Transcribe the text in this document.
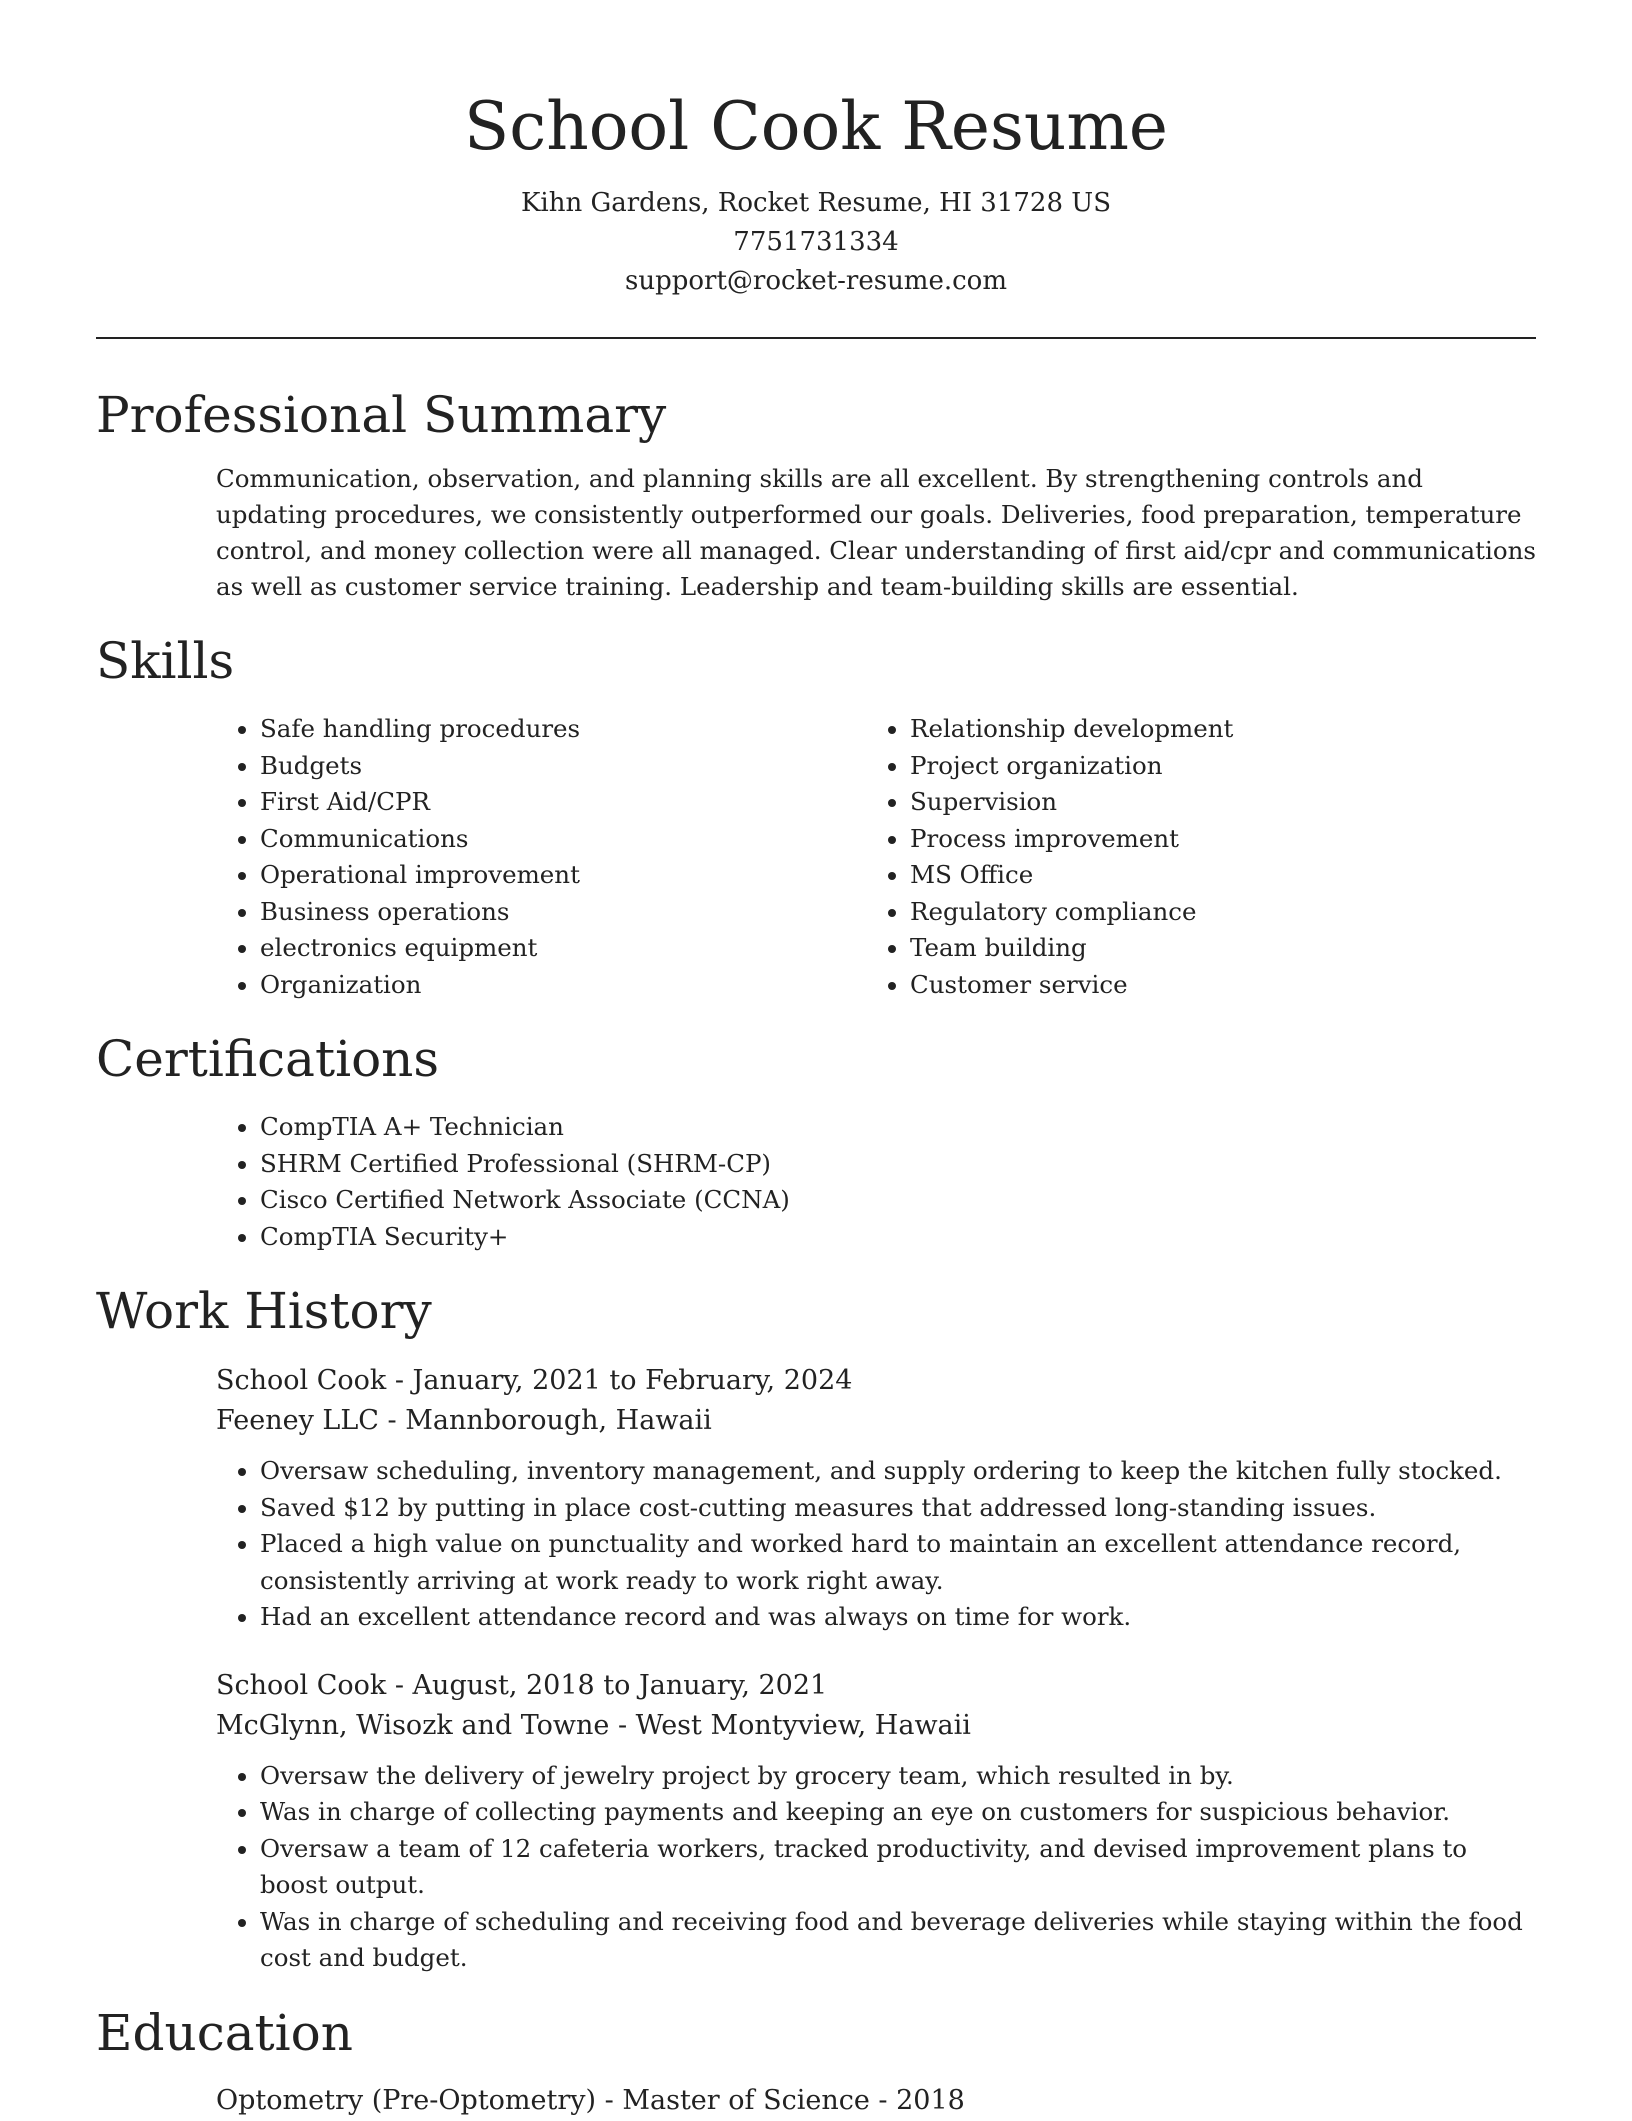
School Cook Resume
Kihn Gardens, Rocket Resume, HI 31728 US
7751731334
support@rocket-resume.com
Professional Summary
Communication, observation, and planning skills are all excellent. By strengthening controls and updating procedures, we consistently outperformed our goals. Deliveries, food preparation, temperature control, and money collection were all managed. Clear understanding of first aid/cpr and communications as well as customer service training. Leadership and team-building skills are essential.
Skills
• Safe handling procedures
• Budgets
• First Aid/CPR
• Communications
• Operational improvement
• Business operations
• electronics equipment
• Organization
• Relationship development
• Project organization
• Supervision
• Process improvement
• MS Office
• Regulatory compliance
• Team building
• Customer service
Certifications
• CompTIA A+ Technician
• SHRM Certified Professional (SHRM-CP)
• Cisco Certified Network Associate (CCNA)
• CompTIA Security+
Work History
School Cook - January, 2021 to February, 2024
Feeney LLC - Mannborough, Hawaii
• Oversaw scheduling, inventory management, and supply ordering to keep the kitchen fully stocked.
• Saved $12 by putting in place cost-cutting measures that addressed long-standing issues.
• Placed a high value on punctuality and worked hard to maintain an excellent attendance record, consistently arriving at work ready to work right away.
• Had an excellent attendance record and was always on time for work.
School Cook - August, 2018 to January, 2021
McGlynn, Wisozk and Towne - West Montyview, Hawaii
• Oversaw the delivery of jewelry project by grocery team, which resulted in by.
• Was in charge of collecting payments and keeping an eye on customers for suspicious behavior.
• Oversaw a team of 12 cafeteria workers, tracked productivity, and devised improvement plans to boost output.
• Was in charge of scheduling and receiving food and beverage deliveries while staying within the food cost and budget.
Education
Optometry (Pre-Optometry) - Master of Science - 2018
